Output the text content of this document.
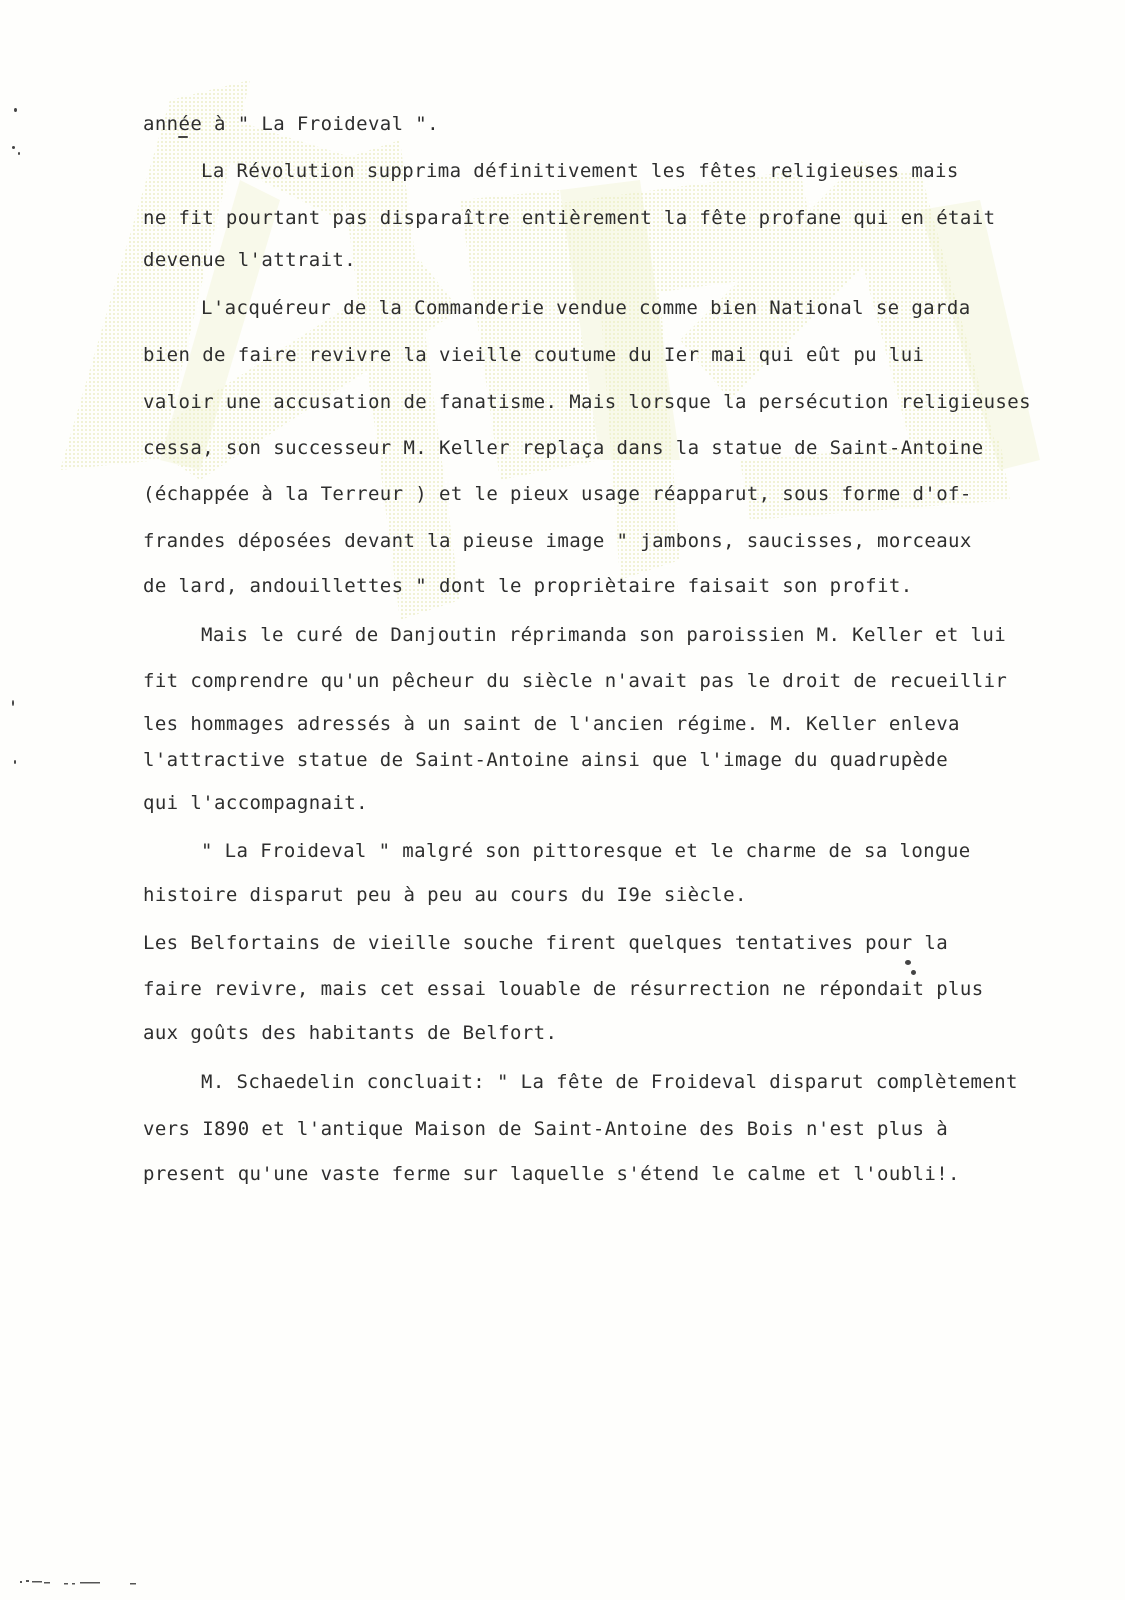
année à " La Froideval ".
La Révolution supprima définitivement les fêtes religieuses mais
ne fit pourtant pas disparaître entièrement la fête profane qui en était
devenue l'attrait.
L'acquéreur de la Commanderie vendue comme bien National se garda
bien de faire revivre la vieille coutume du Ier mai qui eût pu lui
valoir une accusation de fanatisme. Mais lorsque la persécution religieuses
cessa, son successeur M. Keller replaça dans la statue de Saint-Antoine
(échappée à la Terreur ) et le pieux usage réapparut, sous forme d'of-
frandes déposées devant la pieuse image " jambons, saucisses, morceaux
de lard, andouillettes " dont le propriètaire faisait son profit.
Mais le curé de Danjoutin réprimanda son paroissien M. Keller et lui
fit comprendre qu'un pêcheur du siècle n'avait pas le droit de recueillir
les hommages adressés à un saint de l'ancien régime. M. Keller enleva
l'attractive statue de Saint-Antoine ainsi que l'image du quadrupède
qui l'accompagnait.
" La Froideval " malgré son pittoresque et le charme de sa longue
histoire disparut peu à peu au cours du I9e siècle.
Les Belfortains de vieille souche firent quelques tentatives pour la
faire revivre, mais cet essai louable de résurrection ne répondait plus
aux goûts des habitants de Belfort.
M. Schaedelin concluait: " La fête de Froideval disparut complètement
vers I890 et l'antique Maison de Saint-Antoine des Bois n'est plus à
present qu'une vaste ferme sur laquelle s'étend le calme et l'oubli!.
